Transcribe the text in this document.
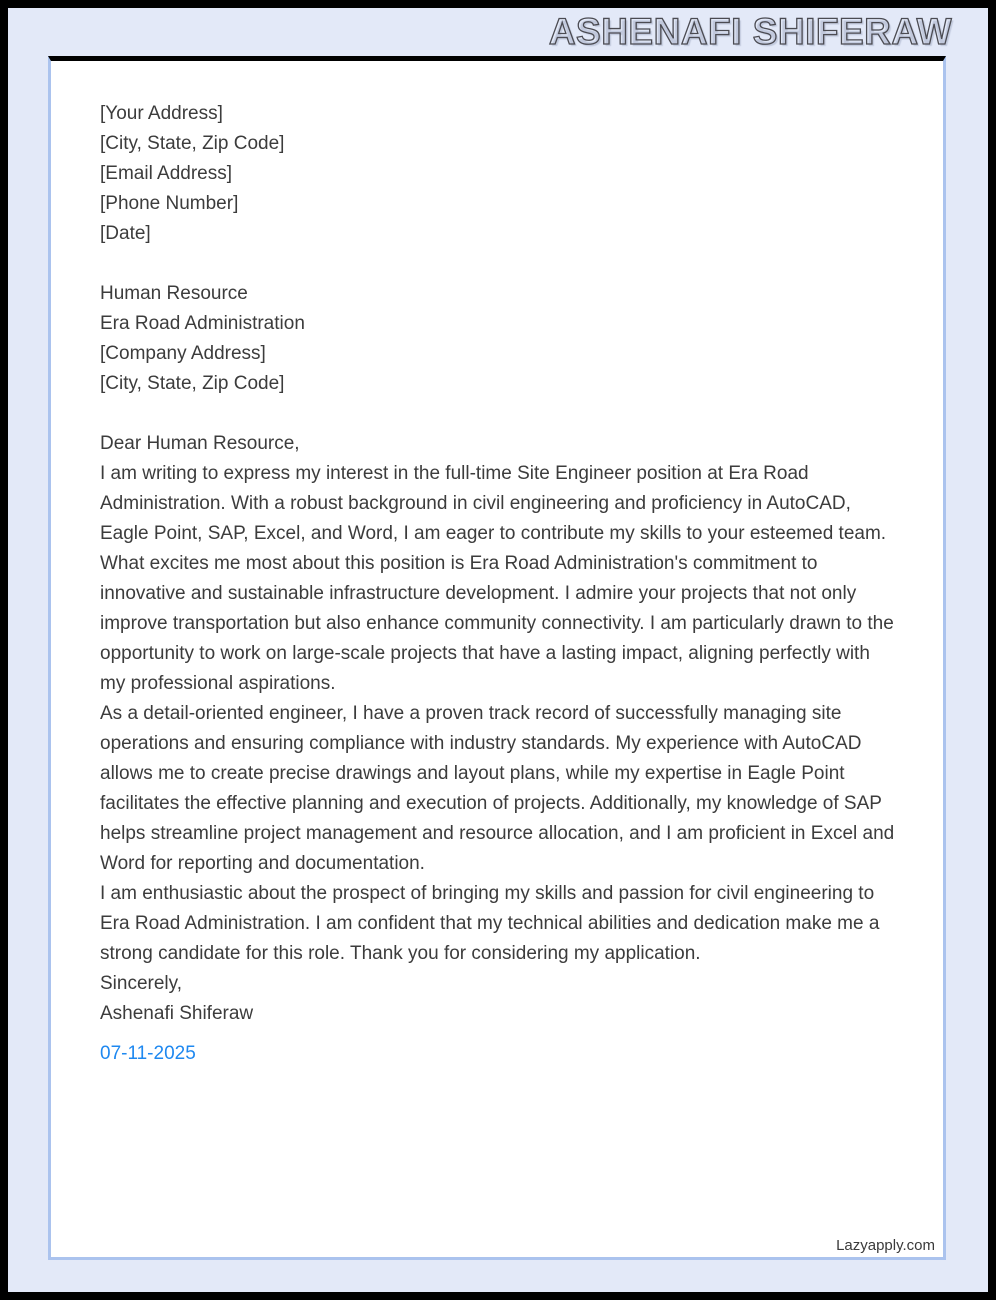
ASHENAFI SHIFERAW
[Your Address]
[City, State, Zip Code]
[Email Address]
[Phone Number]
[Date]
Human Resource
Era Road Administration
[Company Address]
[City, State, Zip Code]

Dear Human Resource,

I am writing to express my interest in the full-time Site Engineer position at Era Road Administration. With a robust background in civil engineering and proficiency in AutoCAD, Eagle Point, SAP, Excel, and Word, I am eager to contribute my skills to your esteemed team.

What excites me most about this position is Era Road Administration's commitment to innovative and sustainable infrastructure development. I admire your projects that not only improve transportation but also enhance community connectivity. I am particularly drawn to the opportunity to work on large-scale projects that have a lasting impact, aligning perfectly with my professional aspirations.

As a detail-oriented engineer, I have a proven track record of successfully managing site operations and ensuring compliance with industry standards. My experience with AutoCAD allows me to create precise drawings and layout plans, while my expertise in Eagle Point facilitates the effective planning and execution of projects. Additionally, my knowledge of SAP helps streamline project management and resource allocation, and I am proficient in Excel and Word for reporting and documentation.

I am enthusiastic about the prospect of bringing my skills and passion for civil engineering to Era Road Administration. I am confident that my technical abilities and dedication make me a strong candidate for this role. Thank you for considering my application.

Sincerely,
Ashenafi Shiferaw
07-11-2025
Lazyapply.com
